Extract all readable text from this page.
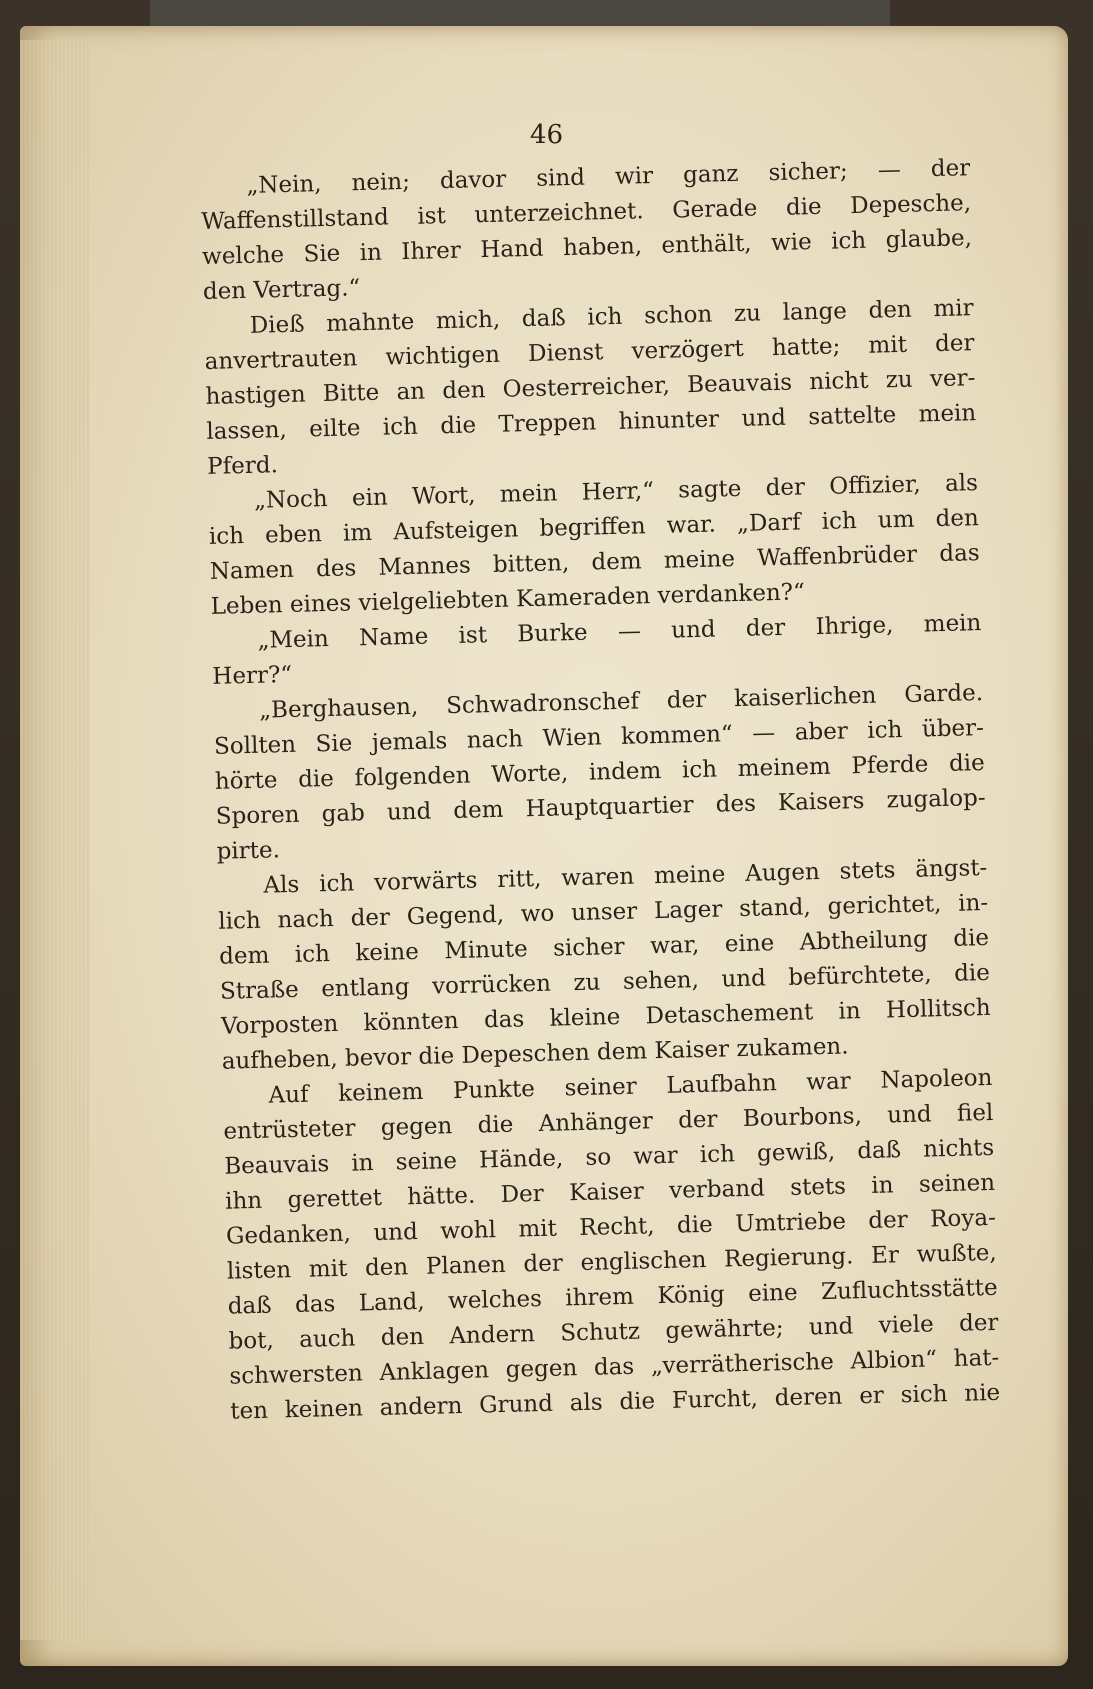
46
„Nein, nein; davor sind wir ganz sicher; — der
Waffenstillstand ist unterzeichnet. Gerade die Depesche,
welche Sie in Ihrer Hand haben, enthält, wie ich glaube,
den Vertrag.“
Dieß mahnte mich, daß ich schon zu lange den mir
anvertrauten wichtigen Dienst verzögert hatte; mit der
hastigen Bitte an den Oesterreicher, Beauvais nicht zu ver-
lassen, eilte ich die Treppen hinunter und sattelte mein
Pferd.
„Noch ein Wort, mein Herr,“ sagte der Offizier, als
ich eben im Aufsteigen begriffen war. „Darf ich um den
Namen des Mannes bitten, dem meine Waffenbrüder das
Leben eines vielgeliebten Kameraden verdanken?“
„Mein Name ist Burke — und der Ihrige, mein
Herr?“
„Berghausen, Schwadronschef der kaiserlichen Garde.
Sollten Sie jemals nach Wien kommen“ — aber ich über-
hörte die folgenden Worte, indem ich meinem Pferde die
Sporen gab und dem Hauptquartier des Kaisers zugalop-
pirte.
Als ich vorwärts ritt, waren meine Augen stets ängst-
lich nach der Gegend, wo unser Lager stand, gerichtet, in-
dem ich keine Minute sicher war, eine Abtheilung die
Straße entlang vorrücken zu sehen, und befürchtete, die
Vorposten könnten das kleine Detaschement in Hollitsch
aufheben, bevor die Depeschen dem Kaiser zukamen.
Auf keinem Punkte seiner Laufbahn war Napoleon
entrüsteter gegen die Anhänger der Bourbons, und fiel
Beauvais in seine Hände, so war ich gewiß, daß nichts
ihn gerettet hätte. Der Kaiser verband stets in seinen
Gedanken, und wohl mit Recht, die Umtriebe der Roya-
listen mit den Planen der englischen Regierung. Er wußte,
daß das Land, welches ihrem König eine Zufluchtsstätte
bot, auch den Andern Schutz gewährte; und viele der
schwersten Anklagen gegen das „verrätherische Albion“ hat-
ten keinen andern Grund als die Furcht, deren er sich nie
